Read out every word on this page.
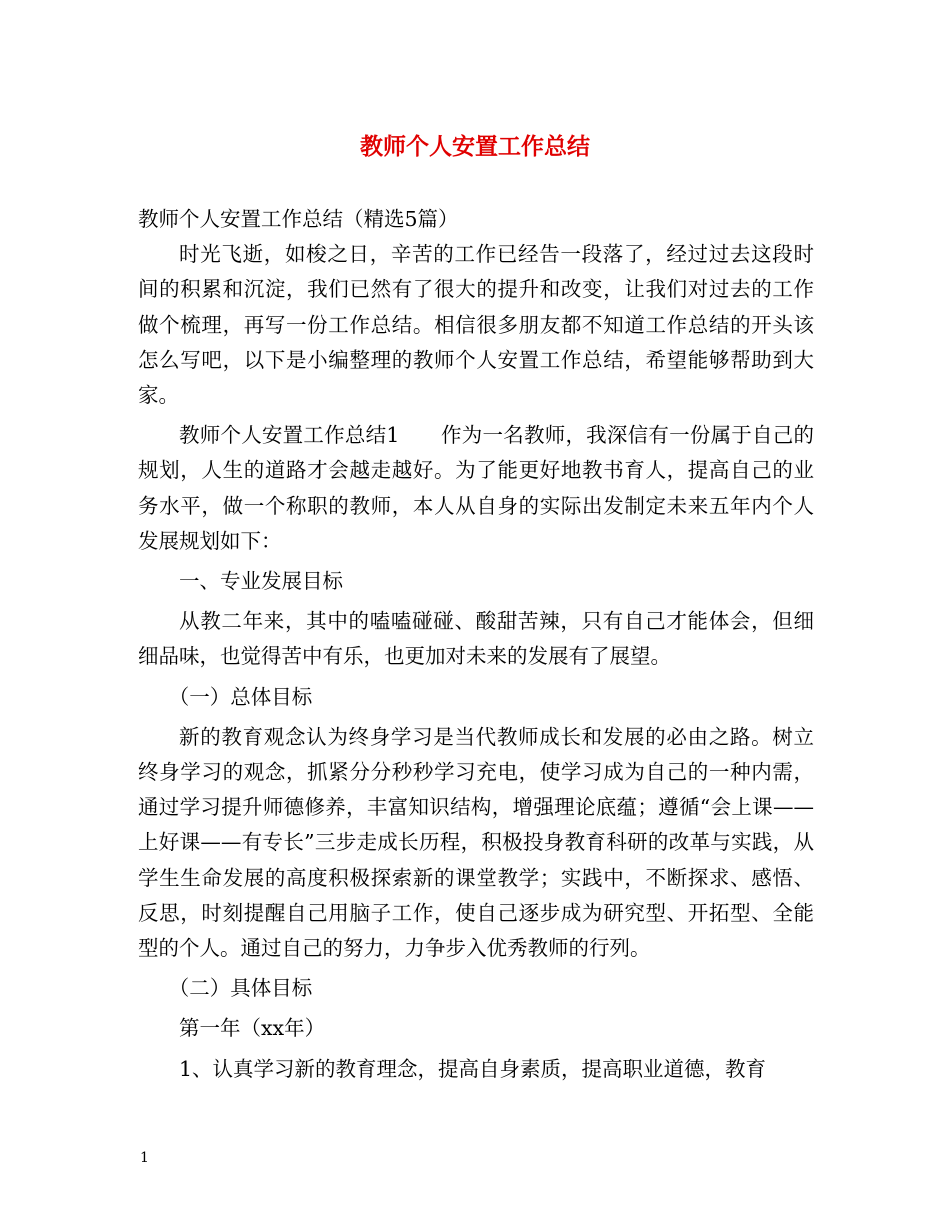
教师个人安置工作总结

教师个人安置工作总结（精选5篇）

时光飞逝，如梭之日，辛苦的工作已经告一段落了，经过过去这段时间的积累和沉淀，我们已然有了很大的提升和改变，让我们对过去的工作做个梳理，再写一份工作总结。相信很多朋友都不知道工作总结的开头该怎么写吧，以下是小编整理的教师个人安置工作总结，希望能够帮助到大家。

教师个人安置工作总结1　　作为一名教师，我深信有一份属于自己的规划，人生的道路才会越走越好。为了能更好地教书育人，提高自己的业务水平，做一个称职的教师，本人从自身的实际出发制定未来五年内个人发展规划如下：

一、专业发展目标

从教二年来，其中的嗑嗑碰碰、酸甜苦辣，只有自己才能体会，但细细品味，也觉得苦中有乐，也更加对未来的发展有了展望。

（一）总体目标

新的教育观念认为终身学习是当代教师成长和发展的必由之路。树立终身学习的观念，抓紧分分秒秒学习充电，使学习成为自己的一种内需，通过学习提升师德修养，丰富知识结构，增强理论底蕴；遵循“会上课——上好课——有专长”三步走成长历程，积极投身教育科研的改革与实践，从学生生命发展的高度积极探索新的课堂教学；实践中，不断探求、感悟、反思，时刻提醒自己用脑子工作，使自己逐步成为研究型、开拓型、全能型的个人。通过自己的努力，力争步入优秀教师的行列。

（二）具体目标

第一年（xx年）

1、认真学习新的教育理念，提高自身素质，提高职业道德，教育

1
